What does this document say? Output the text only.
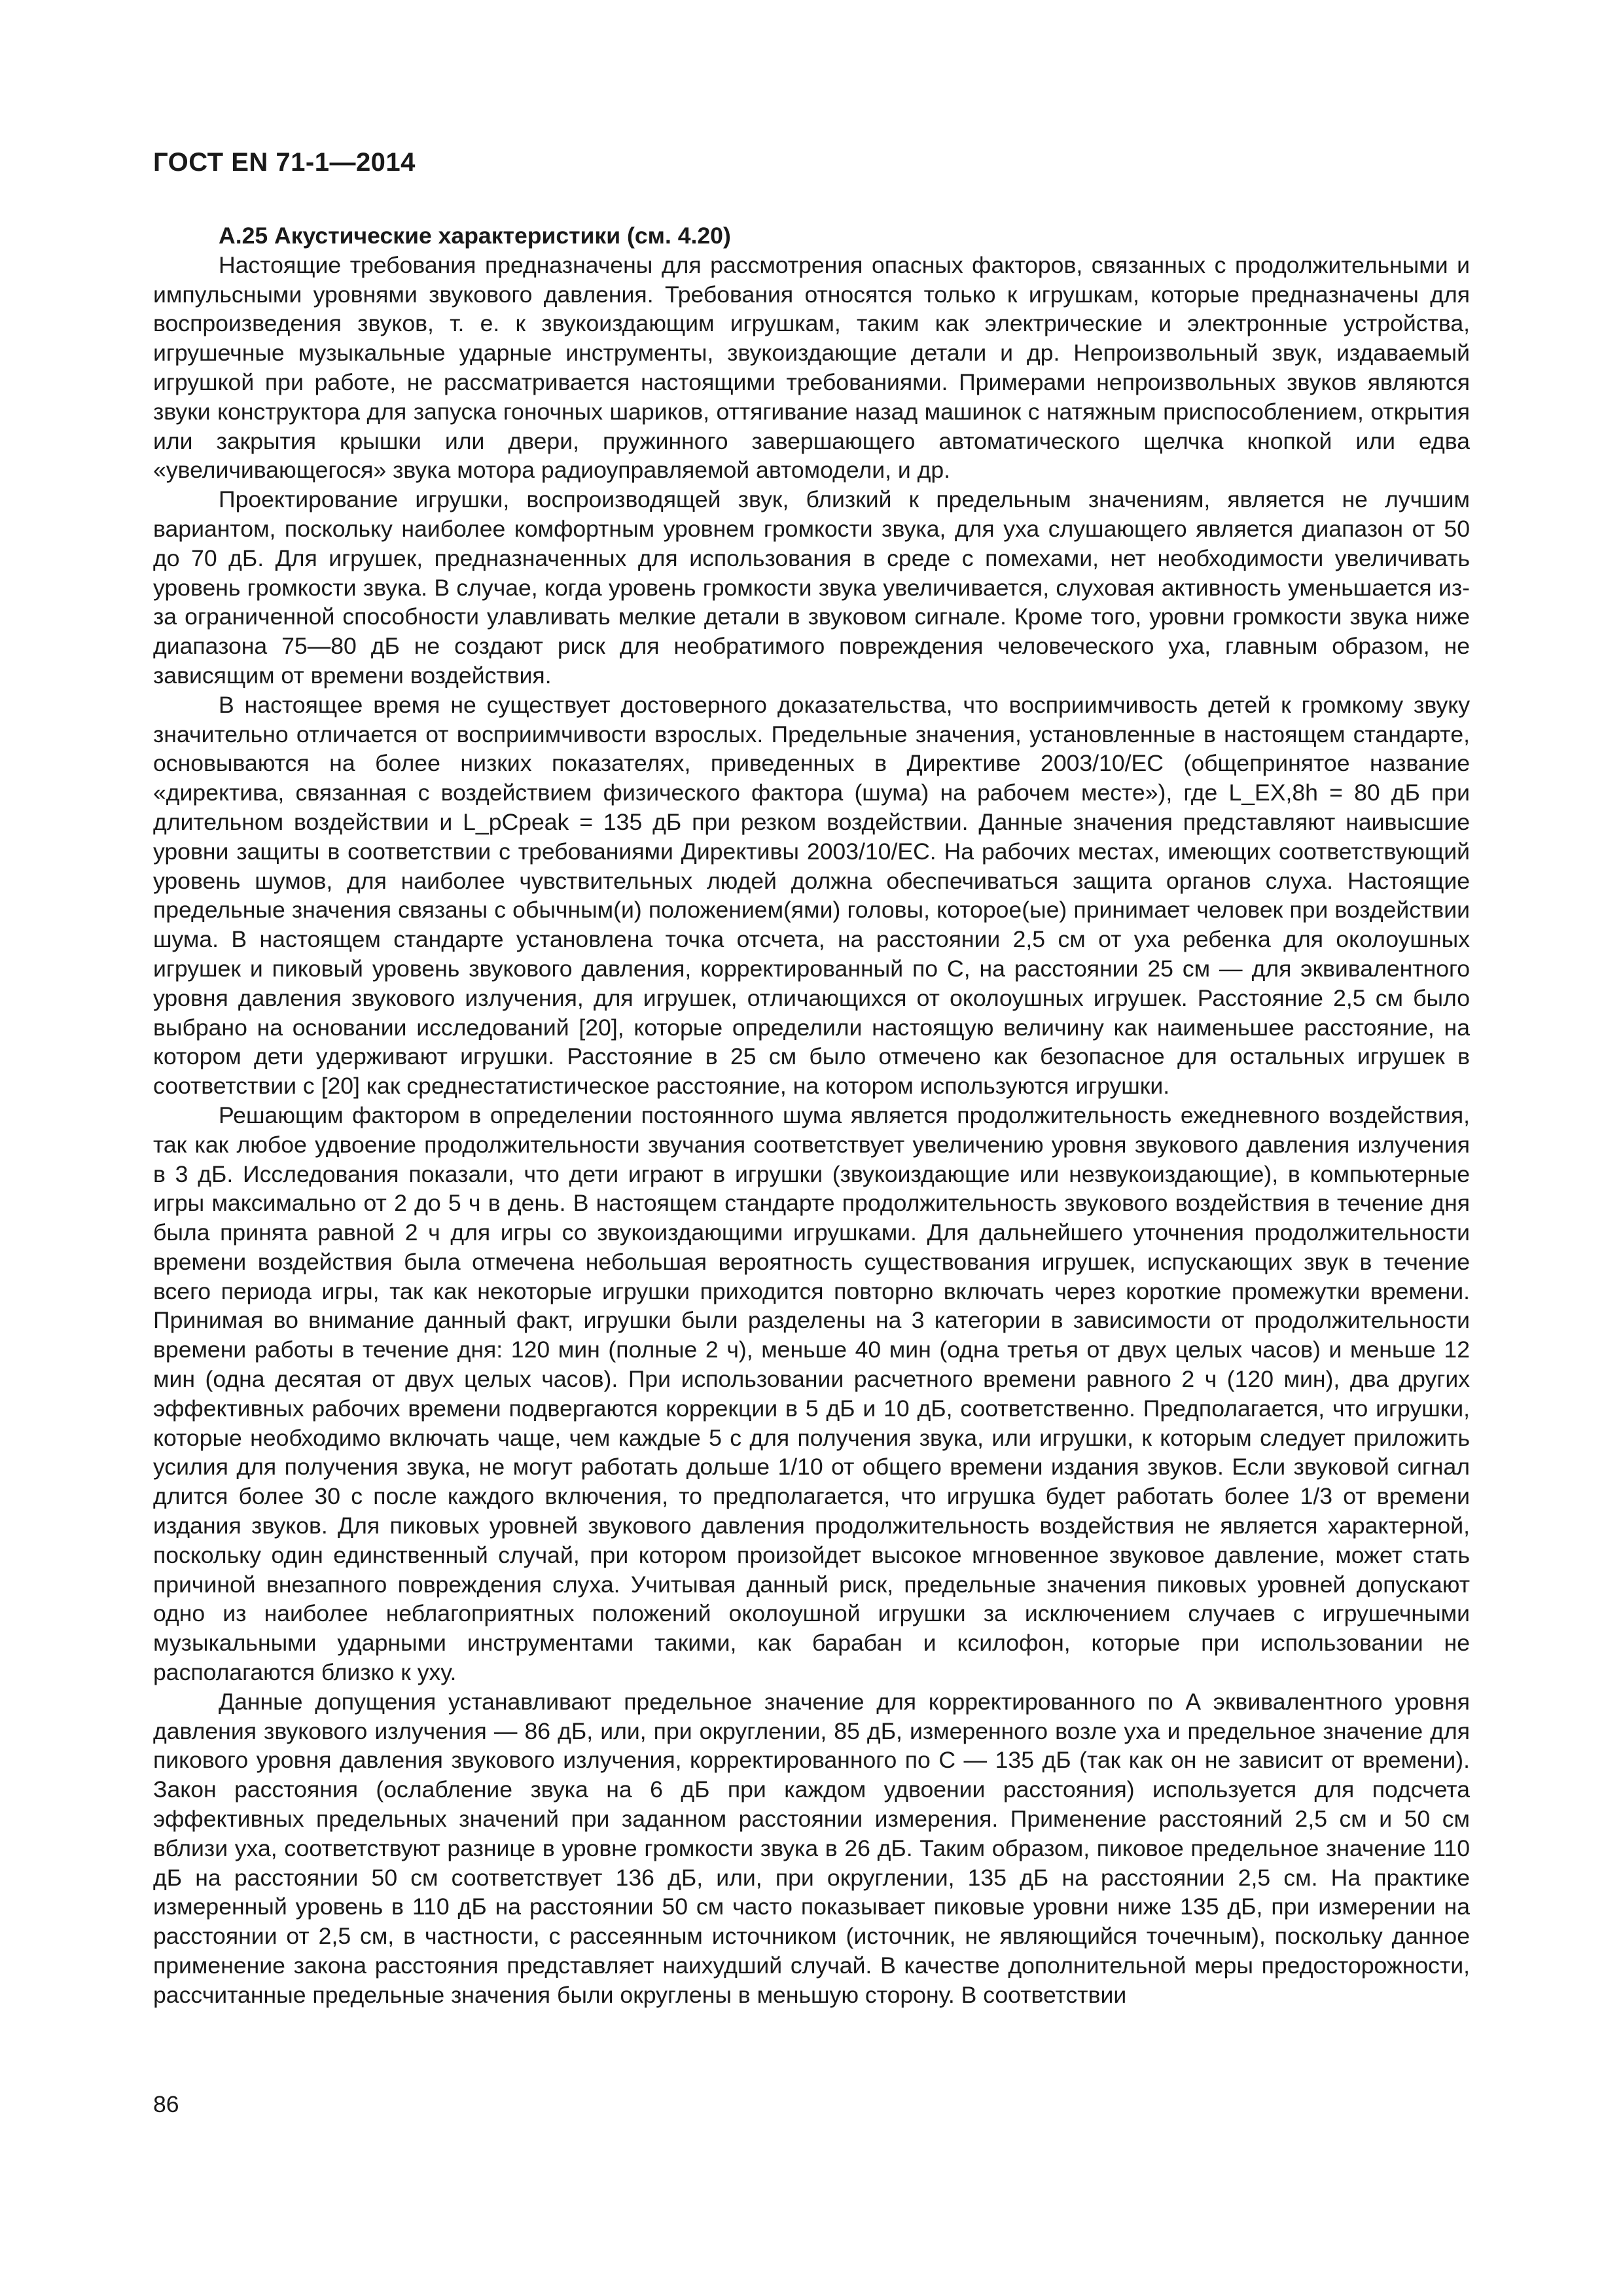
ГОСТ EN 71-1—2014
А.25 Акустические характеристики (см. 4.20)

Настоящие требования предназначены для рассмотрения опасных факторов, связанных с продолжительными и импульсными уровнями звукового давления. Требования относятся только к игрушкам, которые предназначены для воспроизведения звуков, т. е. к звукоиздающим игрушкам, таким как электрические и электронные устройства, игрушечные музыкальные ударные инструменты, звукоиздающие детали и др. Непроизвольный звук, издаваемый игрушкой при работе, не рассматривается настоящими требованиями. Примерами непроизвольных звуков являются звуки конструктора для запуска гоночных шариков, оттягивание назад машинок с натяжным приспособлением, открытия или закрытия крышки или двери, пружинного завершающего автоматического щелчка кнопкой или едва «увеличивающегося» звука мотора радиоуправляемой автомодели, и др.

Проектирование игрушки, воспроизводящей звук, близкий к предельным значениям, является не лучшим вариантом, поскольку наиболее комфортным уровнем громкости звука, для уха слушающего является диапазон от 50 до 70 дБ. Для игрушек, предназначенных для использования в среде с помехами, нет необходимости увеличивать уровень громкости звука. В случае, когда уровень громкости звука увеличивается, слуховая активность уменьшается из-за ограниченной способности улавливать мелкие детали в звуковом сигнале. Кроме того, уровни громкости звука ниже диапазона 75—80 дБ не создают риск для необратимого повреждения человеческого уха, главным образом, не зависящим от времени воздействия.

В настоящее время не существует достоверного доказательства, что восприимчивость детей к громкому звуку значительно отличается от восприимчивости взрослых. Предельные значения, установленные в настоящем стандарте, основываются на более низких показателях, приведенных в Директиве 2003/10/ЕС (общепринятое название «директива, связанная с воздействием физического фактора (шума) на рабочем месте»), где L_EX,8h = 80 дБ при длительном воздействии и L_pCpeak = 135 дБ при резком воздействии. Данные значения представляют наивысшие уровни защиты в соответствии с требованиями Директивы 2003/10/ЕС. На рабочих местах, имеющих соответствующий уровень шумов, для наиболее чувствительных людей должна обеспечиваться защита органов слуха. Настоящие предельные значения связаны с обычным(и) положением(ями) головы, которое(ые) принимает человек при воздействии шума. В настоящем стандарте установлена точка отсчета, на расстоянии 2,5 см от уха ребенка для околоушных игрушек и пиковый уровень звукового давления, корректированный по С, на расстоянии 25 см — для эквивалентного уровня давления звукового излучения, для игрушек, отличающихся от околоушных игрушек. Расстояние 2,5 см было выбрано на основании исследований [20], которые определили настоящую величину как наименьшее расстояние, на котором дети удерживают игрушки. Расстояние в 25 см было отмечено как безопасное для остальных игрушек в соответствии с [20] как среднестатистическое расстояние, на котором используются игрушки.

Решающим фактором в определении постоянного шума является продолжительность ежедневного воздействия, так как любое удвоение продолжительности звучания соответствует увеличению уровня звукового давления излучения в 3 дБ. Исследования показали, что дети играют в игрушки (звукоиздающие или незвукоиздающие), в компьютерные игры максимально от 2 до 5 ч в день. В настоящем стандарте продолжительность звукового воздействия в течение дня была принята равной 2 ч для игры со звукоиздающими игрушками. Для дальнейшего уточнения продолжительности времени воздействия была отмечена небольшая вероятность существования игрушек, испускающих звук в течение всего периода игры, так как некоторые игрушки приходится повторно включать через короткие промежутки времени. Принимая во внимание данный факт, игрушки были разделены на 3 категории в зависимости от продолжительности времени работы в течение дня: 120 мин (полные 2 ч), меньше 40 мин (одна третья от двух целых часов) и меньше 12 мин (одна десятая от двух целых часов). При использовании расчетного времени равного 2 ч (120 мин), два других эффективных рабочих времени подвергаются коррекции в 5 дБ и 10 дБ, соответственно. Предполагается, что игрушки, которые необходимо включать чаще, чем каждые 5 с для получения звука, или игрушки, к которым следует приложить усилия для получения звука, не могут работать дольше 1/10 от общего времени издания звуков. Если звуковой сигнал длится более 30 с после каждого включения, то предполагается, что игрушка будет работать более 1/3 от времени издания звуков. Для пиковых уровней звукового давления продолжительность воздействия не является характерной, поскольку один единственный случай, при котором произойдет высокое мгновенное звуковое давление, может стать причиной внезапного повреждения слуха. Учитывая данный риск, предельные значения пиковых уровней допускают одно из наиболее неблагоприятных положений околоушной игрушки за исключением случаев с игрушечными музыкальными ударными инструментами такими, как барабан и ксилофон, которые при использовании не располагаются близко к уху.

Данные допущения устанавливают предельное значение для корректированного по А эквивалентного уровня давления звукового излучения — 86 дБ, или, при округлении, 85 дБ, измеренного возле уха и предельное значение для пикового уровня давления звукового излучения, корректированного по С — 135 дБ (так как он не зависит от времени). Закон расстояния (ослабление звука на 6 дБ при каждом удвоении расстояния) используется для подсчета эффективных предельных значений при заданном расстоянии измерения. Применение расстояний 2,5 см и 50 см вблизи уха, соответствуют разнице в уровне громкости звука в 26 дБ. Таким образом, пиковое предельное значение 110 дБ на расстоянии 50 см соответствует 136 дБ, или, при округлении, 135 дБ на расстоянии 2,5 см. На практике измеренный уровень в 110 дБ на расстоянии 50 см часто показывает пиковые уровни ниже 135 дБ, при измерении на расстоянии от 2,5 см, в частности, с рассеянным источником (источник, не являющийся точечным), поскольку данное применение закона расстояния представляет наихудший случай. В качестве дополнительной меры предосторожности, рассчитанные предельные значения были округлены в меньшую сторону. В соответствии

86
